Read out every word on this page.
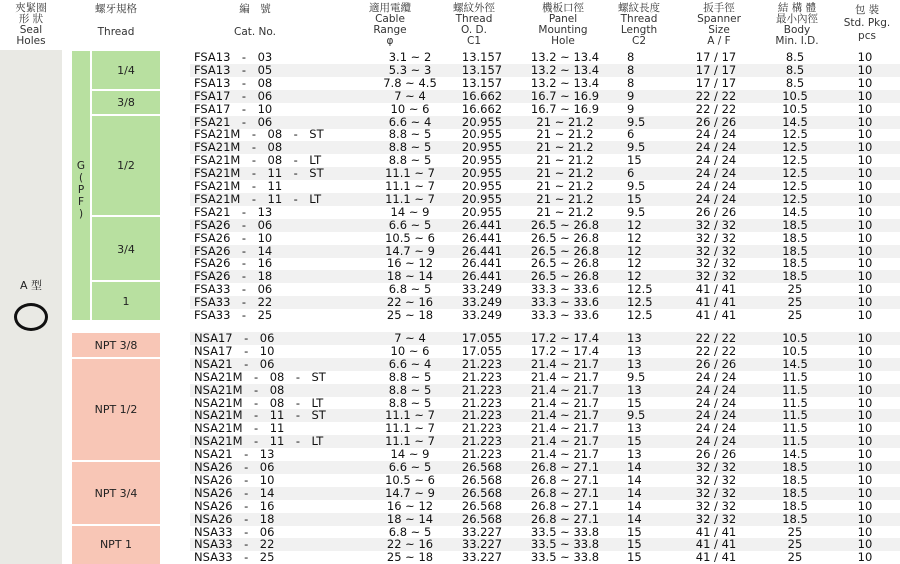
夾緊圈
形 狀
Seal
Holes
螺牙規格
Thread
編　號
Cat. No.
適用電纜
Cable
Range
φ
螺紋外徑
Thread
O. D.
C1
機板口徑
Panel
Mounting
Hole
螺紋長度
Thread
Length
C2
扳手徑
Spanner
Size
A / F
結 構 體
最小內徑
Body
Min. I.D.
包 裝
Std. Pkg.
pcs
A 型
G
(
P
F
)
1/4
3/8
1/2
3/4
1
NPT 3/8
NPT 1/2
NPT 3/4
NPT 1
FSA13　-　03	3.1 ~ 2	13.157	13.2 ~ 13.4	8	17 / 17	8.5	10
FSA13　-　05	5.3 ~ 3	13.157	13.2 ~ 13.4	8	17 / 17	8.5	10
FSA13　-　08	7.8 ~ 4.5	13.157	13.2 ~ 13.4	8	17 / 17	8.5	10
FSA17　-　06	7 ~ 4	16.662	16.7 ~ 16.9	9	22 / 22	10.5	10
FSA17　-　10	10 ~ 6	16.662	16.7 ~ 16.9	9	22 / 22	10.5	10
FSA21　-　06	6.6 ~ 4	20.955	21 ~ 21.2	9.5	26 / 26	14.5	10
FSA21M　-　08　-　ST	8.8 ~ 5	20.955	21 ~ 21.2	6	24 / 24	12.5	10
FSA21M　-　08	8.8 ~ 5	20.955	21 ~ 21.2	9.5	24 / 24	12.5	10
FSA21M　-　08　-　LT	8.8 ~ 5	20.955	21 ~ 21.2	15	24 / 24	12.5	10
FSA21M　-　11　-　ST	11.1 ~ 7	20.955	21 ~ 21.2	6	24 / 24	12.5	10
FSA21M　-　11	11.1 ~ 7	20.955	21 ~ 21.2	9.5	24 / 24	12.5	10
FSA21M　-　11　-　LT	11.1 ~ 7	20.955	21 ~ 21.2	15	24 / 24	12.5	10
FSA21　-　13	14 ~ 9	20.955	21 ~ 21.2	9.5	26 / 26	14.5	10
FSA26　-　06	6.6 ~ 5	26.441	26.5 ~ 26.8	12	32 / 32	18.5	10
FSA26　-　10	10.5 ~ 6	26.441	26.5 ~ 26.8	12	32 / 32	18.5	10
FSA26　-　14	14.7 ~ 9	26.441	26.5 ~ 26.8	12	32 / 32	18.5	10
FSA26　-　16	16 ~ 12	26.441	26.5 ~ 26.8	12	32 / 32	18.5	10
FSA26　-　18	18 ~ 14	26.441	26.5 ~ 26.8	12	32 / 32	18.5	10
FSA33　-　06	6.8 ~ 5	33.249	33.3 ~ 33.6	12.5	41 / 41	25	10
FSA33　-　22	22 ~ 16	33.249	33.3 ~ 33.6	12.5	41 / 41	25	10
FSA33　-　25	25 ~ 18	33.249	33.3 ~ 33.6	12.5	41 / 41	25	10
NSA17　-　06	7 ~ 4	17.055	17.2 ~ 17.4	13	22 / 22	10.5	10
NSA17　-　10	10 ~ 6	17.055	17.2 ~ 17.4	13	22 / 22	10.5	10
NSA21　-　06	6.6 ~ 4	21.223	21.4 ~ 21.7	13	26 / 26	14.5	10
NSA21M　-　08　-　ST	8.8 ~ 5	21.223	21.4 ~ 21.7	9.5	24 / 24	11.5	10
NSA21M　-　08	8.8 ~ 5	21.223	21.4 ~ 21.7	13	24 / 24	11.5	10
NSA21M　-　08　-　LT	8.8 ~ 5	21.223	21.4 ~ 21.7	15	24 / 24	11.5	10
NSA21M　-　11　-　ST	11.1 ~ 7	21.223	21.4 ~ 21.7	9.5	24 / 24	11.5	10
NSA21M　-　11	11.1 ~ 7	21.223	21.4 ~ 21.7	13	24 / 24	11.5	10
NSA21M　-　11　-　LT	11.1 ~ 7	21.223	21.4 ~ 21.7	15	24 / 24	11.5	10
NSA21　-　13	14 ~ 9	21.223	21.4 ~ 21.7	13	26 / 26	14.5	10
NSA26　-　06	6.6 ~ 5	26.568	26.8 ~ 27.1	14	32 / 32	18.5	10
NSA26　-　10	10.5 ~ 6	26.568	26.8 ~ 27.1	14	32 / 32	18.5	10
NSA26　-　14	14.7 ~ 9	26.568	26.8 ~ 27.1	14	32 / 32	18.5	10
NSA26　-　16	16 ~ 12	26.568	26.8 ~ 27.1	14	32 / 32	18.5	10
NSA26　-　18	18 ~ 14	26.568	26.8 ~ 27.1	14	32 / 32	18.5	10
NSA33　-　06	6.8 ~ 5	33.227	33.5 ~ 33.8	15	41 / 41	25	10
NSA33　-　22	22 ~ 16	33.227	33.5 ~ 33.8	15	41 / 41	25	10
NSA33　-　25	25 ~ 18	33.227	33.5 ~ 33.8	15	41 / 41	25	10
